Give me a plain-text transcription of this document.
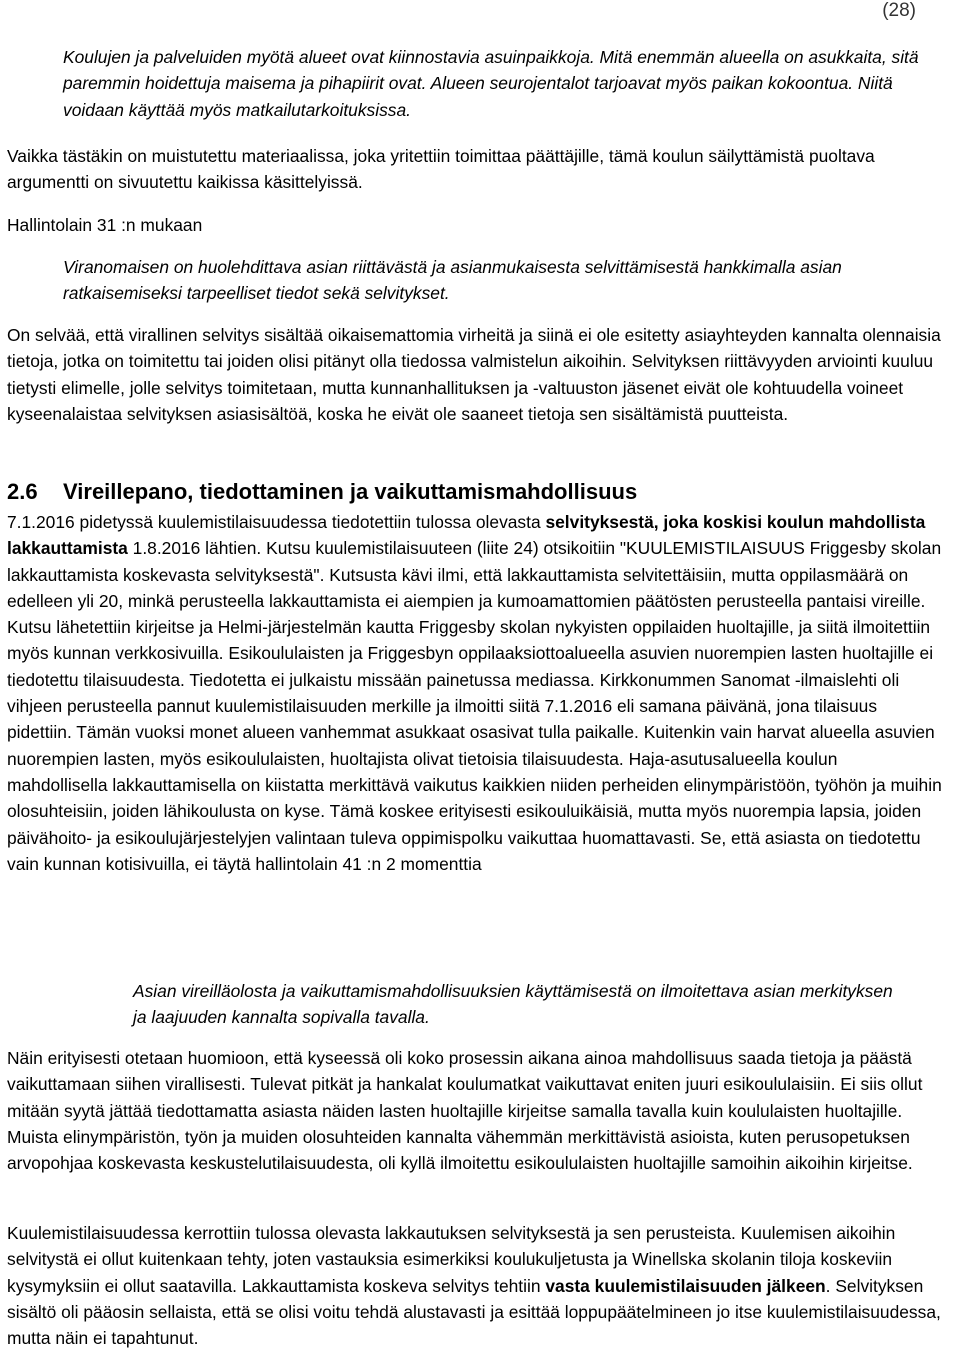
(28)

Koulujen ja palveluiden myötä alueet ovat kiinnostavia asuinpaikkoja. Mitä enemmän alueella on asukkaita, sitä paremmin hoidettuja maisema ja pihapiirit ovat. Alueen seurojentalot tarjoavat myös paikan kokoontua. Niitä voidaan käyttää myös matkailutarkoituksissa.

Vaikka tästäkin on muistutettu materiaalissa, joka yritettiin toimittaa päättäjille, tämä koulun säilyttämistä puoltava argumentti on sivuutettu kaikissa käsittelyissä.

Hallintolain 31 :n mukaan

Viranomaisen on huolehdittava asian riittävästä ja asianmukaisesta selvittämisestä hankkimalla asian ratkaisemiseksi tarpeelliset tiedot sekä selvitykset.

On selvää, että virallinen selvitys sisältää oikaisemattomia virheitä ja siinä ei ole esitetty asiayhteyden kannalta olennaisia tietoja, jotka on toimitettu tai joiden olisi pitänyt olla tiedossa valmistelun aikoihin. Selvityksen riittävyyden arviointi kuuluu tietysti elimelle, jolle selvitys toimitetaan, mutta kunnanhallituksen ja -valtuuston jäsenet eivät ole kohtuudella voineet kyseenalaistaa selvityksen asiasisältöä, koska he eivät ole saaneet tietoja sen sisältämistä puutteista.

2.6 Vireillepano, tiedottaminen ja vaikuttamismahdollisuus

7.1.2016 pidetyssä kuulemistilaisuudessa tiedotettiin tulossa olevasta selvityksestä, joka koskisi koulun mahdollista lakkauttamista 1.8.2016 lähtien. Kutsu kuulemistilaisuuteen (liite 24) otsikoitiin "KUULEMISTILAISUUS Friggesby skolan lakkauttamista koskevasta selvityksestä". Kutsusta kävi ilmi, että lakkauttamista selvitettäisiin, mutta oppilasmäärä on edelleen yli 20, minkä perusteella lakkauttamista ei aiempien ja kumoamattomien päätösten perusteella pantaisi vireille. Kutsu lähetettiin kirjeitse ja Helmi-järjestelmän kautta Friggesby skolan nykyisten oppilaiden huoltajille, ja siitä ilmoitettiin myös kunnan verkkosivuilla. Esikoululaisten ja Friggesbyn oppilaaksiottoalueella asuvien nuorempien lasten huoltajille ei tiedotettu tilaisuudesta. Tiedotetta ei julkaistu missään painetussa mediassa. Kirkkonummen Sanomat -ilmaislehti oli vihjeen perusteella pannut kuulemistilaisuuden merkille ja ilmoitti siitä 7.1.2016 eli samana päivänä, jona tilaisuus pidettiin. Tämän vuoksi monet alueen vanhemmat asukkaat osasivat tulla paikalle. Kuitenkin vain harvat alueella asuvien nuorempien lasten, myös esikoululaisten, huoltajista olivat tietoisia tilaisuudesta. Haja-asutusalueella koulun mahdollisella lakkauttamisella on kiistatta merkittävä vaikutus kaikkien niiden perheiden elinympäristöön, työhön ja muihin olosuhteisiin, joiden lähikoulusta on kyse. Tämä koskee erityisesti esikouluikäisiä, mutta myös nuorempia lapsia, joiden päivähoito- ja esikoulujärjestelyjen valintaan tuleva oppimispolku vaikuttaa huomattavasti. Se, että asiasta on tiedotettu vain kunnan kotisivuilla, ei täytä hallintolain 41 :n 2 momenttia

Asian vireilläolosta ja vaikuttamismahdollisuuksien käyttämisestä on ilmoitettava asian merkityksen ja laajuuden kannalta sopivalla tavalla.

Näin erityisesti otetaan huomioon, että kyseessä oli koko prosessin aikana ainoa mahdollisuus saada tietoja ja päästä vaikuttamaan siihen virallisesti. Tulevat pitkät ja hankalat koulumatkat vaikuttavat eniten juuri esikoululaisiin. Ei siis ollut mitään syytä jättää tiedottamatta asiasta näiden lasten huoltajille kirjeitse samalla tavalla kuin koululaisten huoltajille. Muista elinympäristön, työn ja muiden olosuhteiden kannalta vähemmän merkittävistä asioista, kuten perusopetuksen arvopohjaa koskevasta keskustelutilaisuudesta, oli kyllä ilmoitettu esikoululaisten huoltajille samoihin aikoihin kirjeitse.

Kuulemistilaisuudessa kerrottiin tulossa olevasta lakkautuksen selvityksestä ja sen perusteista. Kuulemisen aikoihin selvitystä ei ollut kuitenkaan tehty, joten vastauksia esimerkiksi koulukuljetusta ja Winellska skolanin tiloja koskeviin kysymyksiin ei ollut saatavilla. Lakkauttamista koskeva selvitys tehtiin vasta kuulemistilaisuuden jälkeen. Selvityksen sisältö oli pääosin sellaista, että se olisi voitu tehdä alustavasti ja esittää loppupäätelmineen jo itse kuulemistilaisuudessa, mutta näin ei tapahtunut.
